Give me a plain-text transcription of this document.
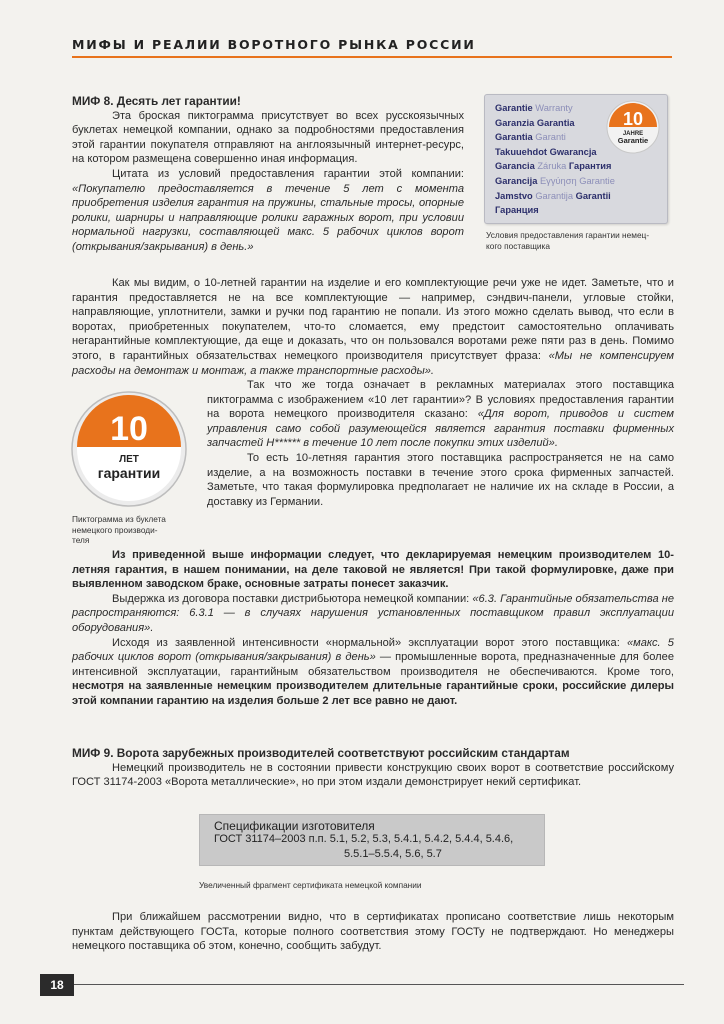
МИФЫ И РЕАЛИИ ВОРОТНОГО РЫНКА РОССИИ

МИФ 8. Десять лет гарантии!

Эта броская пиктограмма присутствует во всех русскоязычных буклетах немецкой компании, однако за подробностями предоставления этой гарантии покупателя отправляют на англоязычный интернет-ресурс, на котором размещена совершенно иная информация.

Цитата из условий предоставления гарантии этой компании: «Покупателю предоставляется в течение 5 лет с момента приобретения изделия гарантия на пружины, стальные тросы, опорные ролики, шарниры и направляющие ролики гаражных ворот, при условии нормальной нагрузки, составляющей макс. 5 рабочих циклов ворот (открывания/закрывания) в день.»

Garantie Warranty
Garanzia Garantia
Garantia Garanti
Takuuehdot Gwarancja
Garancia Záruka Гарантия
Garancija Εγγύηση Garantie
Jamstvo Garantija Garantii
Гаранция
10
JAHRE
Garantie
Условия предоставления гарантии немец-
кого поставщика
Как мы видим, о 10-летней гарантии на изделие и его комплектующие речи уже не идет. Заметьте, что и гарантия предоставляется не на все комплектующие — например, сэндвич-панели, угловые стойки, направляющие, уплотнители, замки и ручки под гарантию не попали. Из этого можно сделать вывод, что если в воротах, приобретенных покупателем, что-то сломается, ему предстоит самостоятельно оплачивать негарантийные комплектующие, да еще и доказать, что он пользовался воротами реже пяти раз в день. Помимо этого, в гарантийных обязательствах немецкого производителя присутствует фраза: «Мы не компенсируем расходы на демонтаж и монтаж, а также транспортные расходы».
10
ЛЕТ
гарантии
Пиктограмма из буклета
немецкого производи-
теля

Так что же тогда означает в рекламных материалах этого поставщика пиктограмма с изображением «10 лет гарантии»? В условиях предоставления гарантии на ворота немецкого производителя сказано: «Для ворот, приводов и систем управления само собой разумеющейся является гарантия поставки фирменных запчастей Н****** в течение 10 лет после покупки этих изделий».

То есть 10-летняя гарантия этого поставщика распространяется не на само изделие, а на возможность поставки в течение этого срока фирменных запчастей. Заметьте, что такая формулировка предполагает не наличие их на складе в России, а доставку из Германии.

Из приведенной выше информации следует, что декларируемая немецким производителем 10-летняя гарантия, в нашем понимании, на деле таковой не является! При такой формулировке, даже при выявленном заводском браке, основные затраты понесет заказчик.

Выдержка из договора поставки дистрибьютора немецкой компании: «6.3. Гарантийные обязательства не распространяются: 6.3.1 — в случаях нарушения установленных поставщиком правил эксплуатации оборудования».

Исходя из заявленной интенсивности «нормальной» эксплуатации ворот этого поставщика: «макс. 5 рабочих циклов ворот (открывания/закрывания) в день» — промышленные ворота, предназначенные для более интенсивной эксплуатации, гарантийным обязательством производителя не обеспечиваются. Кроме того, несмотря на заявленные немецким производителем длительные гарантийные сроки, российские дилеры этой компании гарантию на изделия больше 2 лет все равно не дают.

МИФ 9. Ворота зарубежных производителей соответствуют российским стандартам

Немецкий производитель не в состоянии привести конструкцию своих ворот в соответствие российскому ГОСТ 31174-2003 «Ворота металлические», но при этом издали демонстрирует некий сертификат.

Спецификации изготовителя
ГОСТ 31174–2003 п.п. 5.1, 5.2, 5.3, 5.4.1, 5.4.2, 5.4.4, 5.4.6,
5.5.1–5.5.4, 5.6, 5.7
Увеличенный фрагмент сертификата немецкой компании
При ближайшем рассмотрении видно, что в сертификатах прописано соответствие лишь некоторым пунктам действующего ГОСТа, которые полного соответствия этому ГОСТу не подтверждают. Но менеджеры немецкого поставщика об этом, конечно, сообщить забудут.
18
